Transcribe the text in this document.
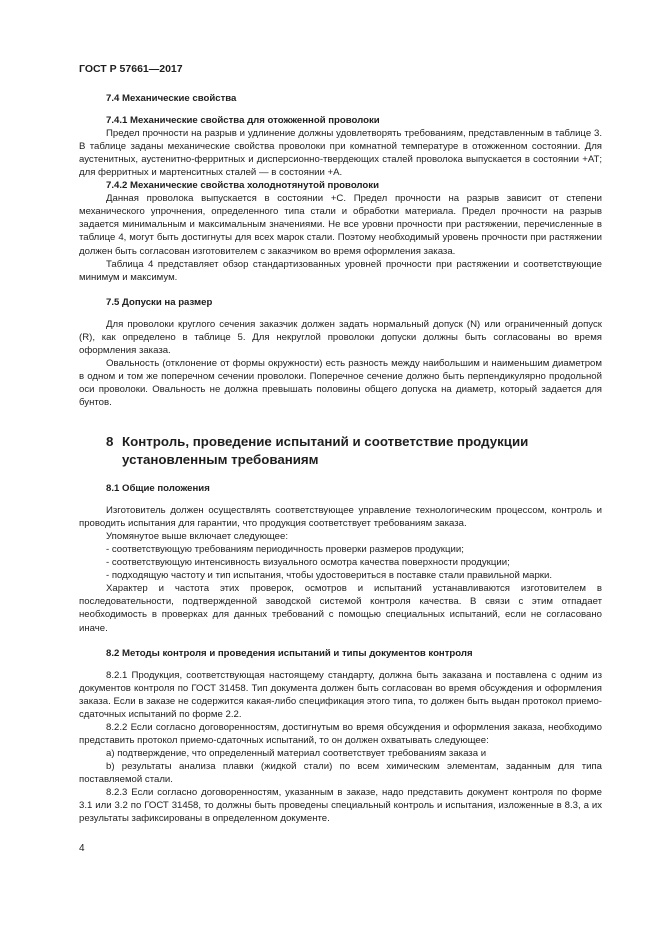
ГОСТ Р 57661—2017
7.4 Механические свойства
7.4.1 Механические свойства для отожженной проволоки

Предел прочности на разрыв и удлинение должны удовлетворять требованиям, представленным в таблице 3. В таблице заданы механические свойства проволоки при комнатной температуре в отожженном состоянии. Для аустенитных, аустенитно-ферритных и дисперсионно-твердеющих сталей проволока выпускается в состоянии +АТ; для ферритных и мартенситных сталей — в состоянии +А.

7.4.2 Механические свойства холоднотянутой проволоки

Данная проволока выпускается в состоянии +С. Предел прочности на разрыв зависит от степени механического упрочнения, определенного типа стали и обработки материала. Предел прочности на разрыв задается минимальным и максимальным значениями. Не все уровни прочности при растяжении, перечисленные в таблице 4, могут быть достигнуты для всех марок стали. Поэтому необходимый уровень прочности при растяжении должен быть согласован изготовителем с заказчиком во время оформления заказа.

Таблица 4 представляет обзор стандартизованных уровней прочности при растяжении и соответствующие минимум и максимум.

7.5 Допуски на размер

Для проволоки круглого сечения заказчик должен задать нормальный допуск (N) или ограниченный допуск (R), как определено в таблице 5. Для некруглой проволоки допуски должны быть согласованы во время оформления заказа.

Овальность (отклонение от формы окружности) есть разность между наибольшим и наименьшим диаметром в одном и том же поперечном сечении проволоки. Поперечное сечение должно быть перпендикулярно продольной оси проволоки. Овальность не должна превышать половины общего допуска на диаметр, который задается для бунтов.

8 Контроль, проведение испытаний и соответствие продукции
установленным требованиям
8.1 Общие положения

Изготовитель должен осуществлять соответствующее управление технологическим процессом, контроль и проводить испытания для гарантии, что продукция соответствует требованиям заказа.

Упомянутое выше включает следующее:

- соответствующую требованиям периодичность проверки размеров продукции;

- соответствующую интенсивность визуального осмотра качества поверхности продукции;

- подходящую частоту и тип испытания, чтобы удостовериться в поставке стали правильной марки.

Характер и частота этих проверок, осмотров и испытаний устанавливаются изготовителем в последовательности, подтвержденной заводской системой контроля качества. В связи с этим отпадает необходимость в проверках для данных требований с помощью специальных испытаний, если не согласовано иначе.

8.2 Методы контроля и проведения испытаний и типы документов контроля

8.2.1 Продукция, соответствующая настоящему стандарту, должна быть заказана и поставлена с одним из документов контроля по ГОСТ 31458. Тип документа должен быть согласован во время обсуждения и оформления заказа. Если в заказе не содержится какая-либо спецификация этого типа, то должен быть выдан протокол приемо-сдаточных испытаний по форме 2.2.

8.2.2 Если согласно договоренностям, достигнутым во время обсуждения и оформления заказа, необходимо представить протокол приемо-сдаточных испытаний, то он должен охватывать следующее:

а) подтверждение, что определенный материал соответствует требованиям заказа и

b) результаты анализа плавки (жидкой стали) по всем химическим элементам, заданным для типа поставляемой стали.

8.2.3 Если согласно договоренностям, указанным в заказе, надо представить документ контроля по форме 3.1 или 3.2 по ГОСТ 31458, то должны быть проведены специальный контроль и испытания, изложенные в 8.3, а их результаты зафиксированы в определенном документе.

4
